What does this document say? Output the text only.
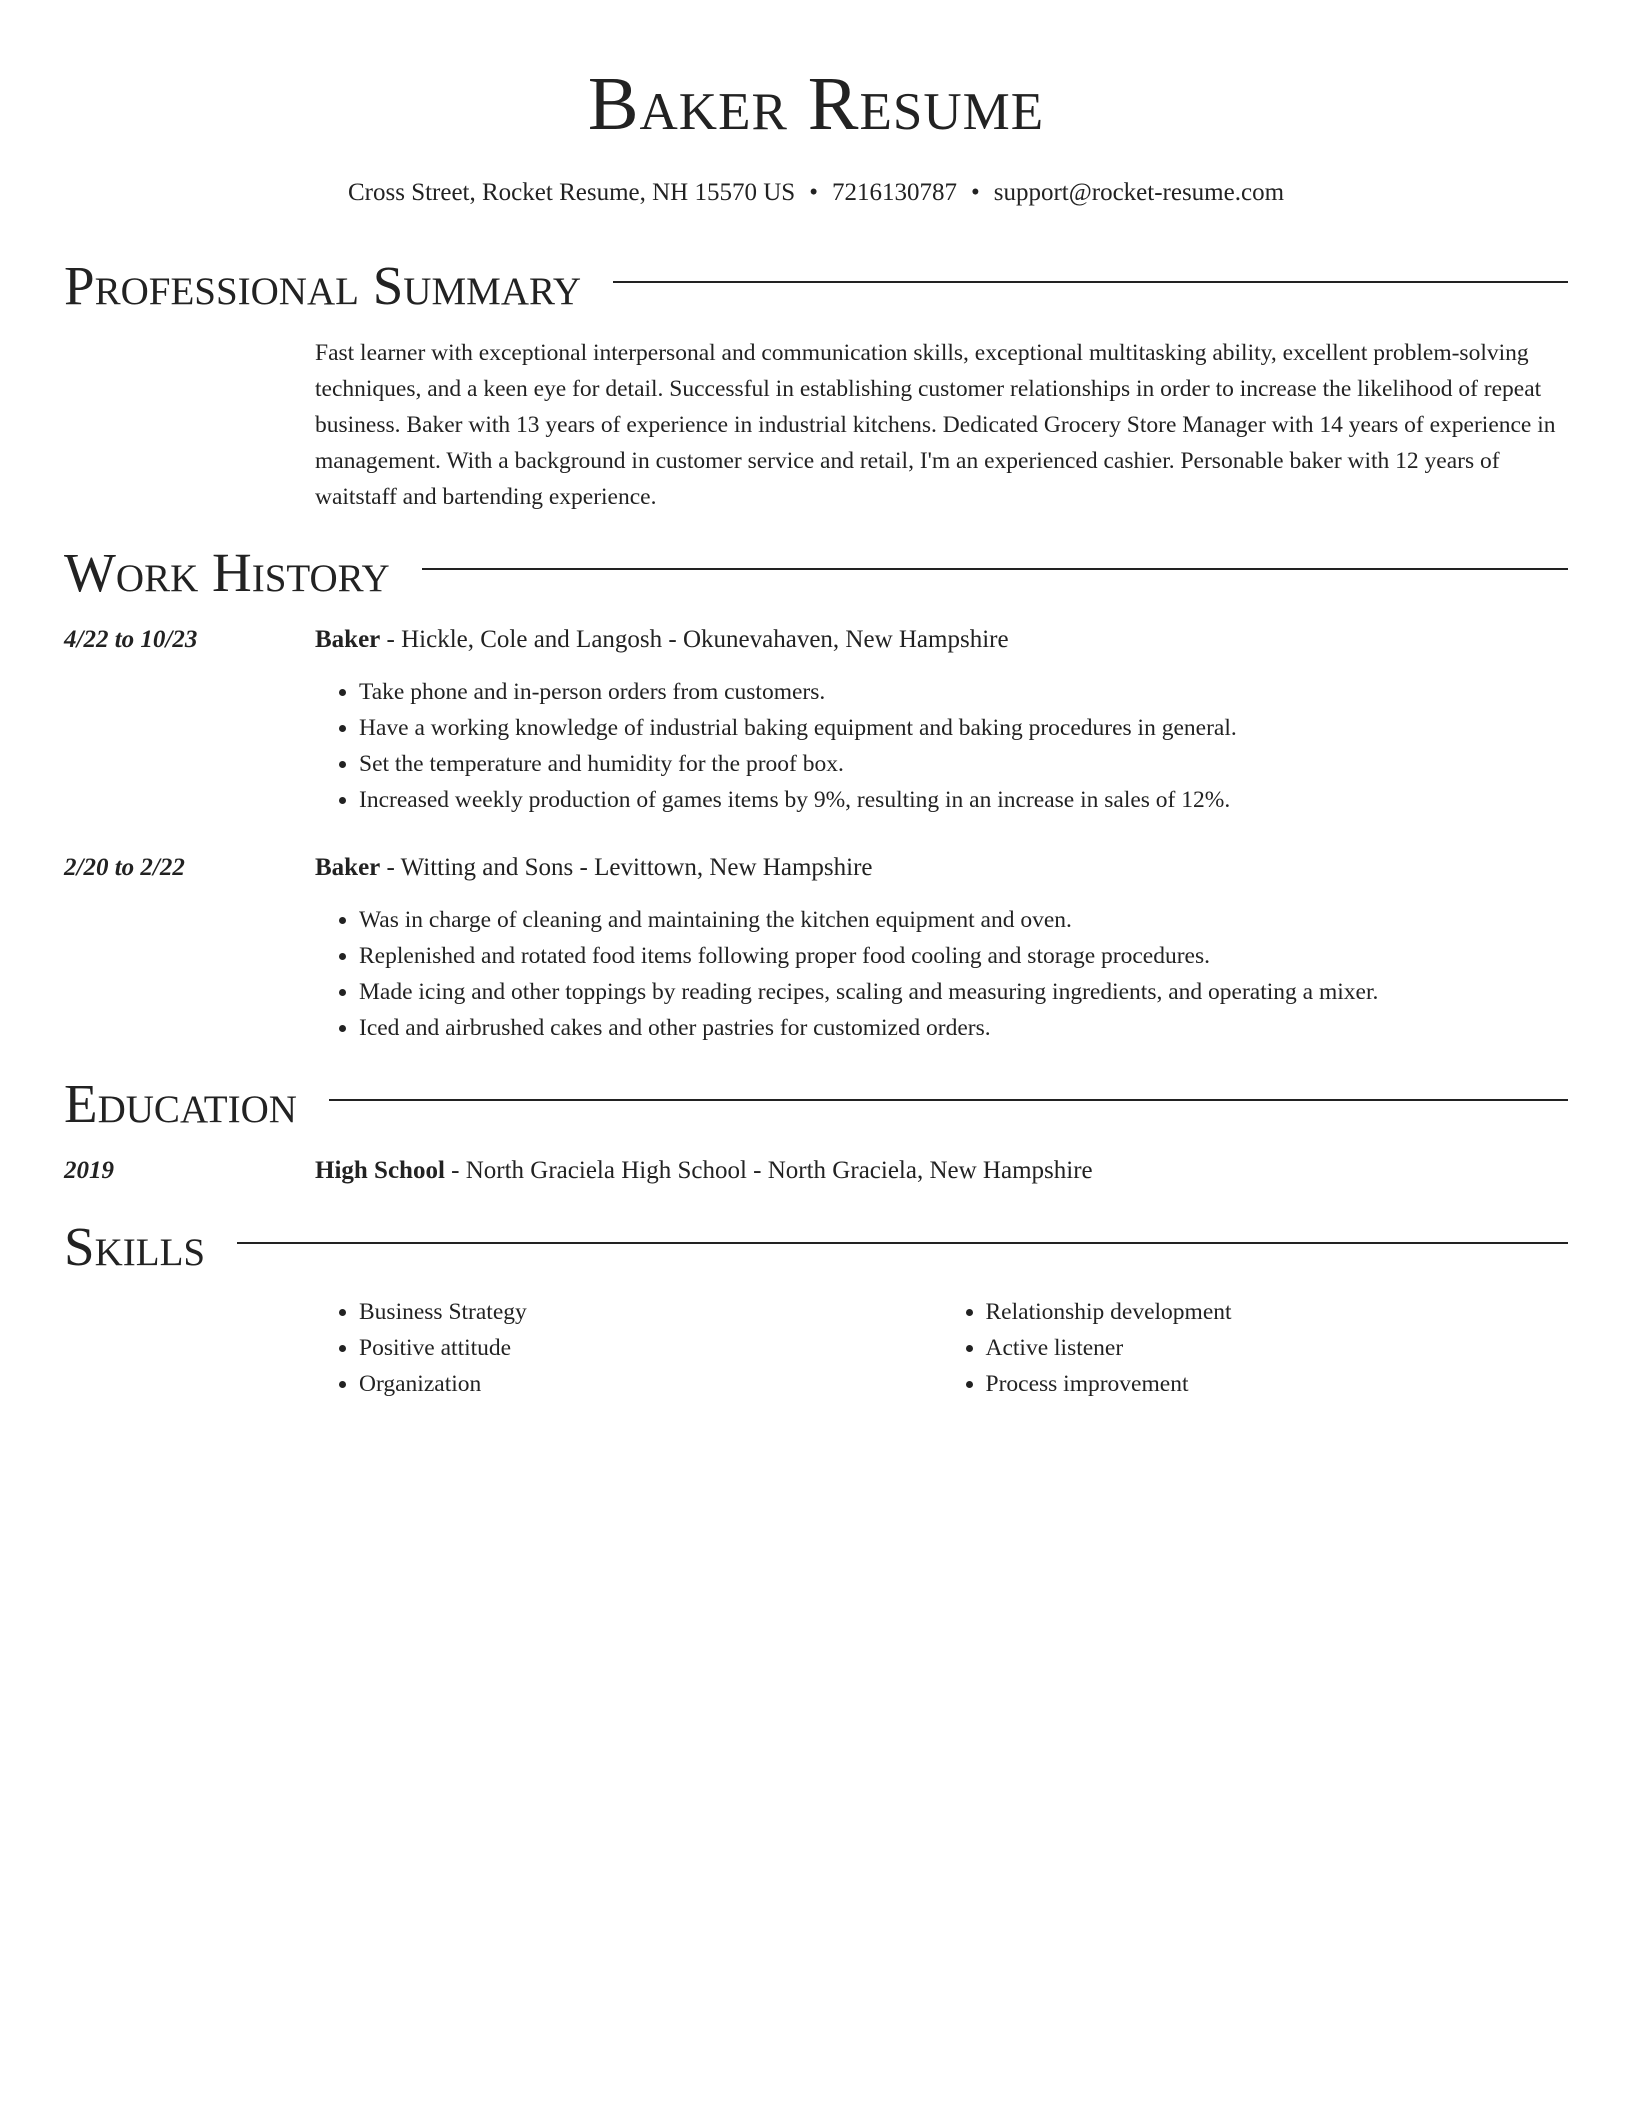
Baker Resume
Cross Street, Rocket Resume, NH 15570 US • 7216130787 • support@rocket-resume.com
Professional Summary

Fast learner with exceptional interpersonal and communication skills, exceptional multitasking ability, excellent problem-solving techniques, and a keen eye for detail. Successful in establishing customer relationships in order to increase the likelihood of repeat business. Baker with 13 years of experience in industrial kitchens. Dedicated Grocery Store Manager with 14 years of experience in management. With a background in customer service and retail, I'm an experienced cashier. Personable baker with 12 years of waitstaff and bartending experience.

Work History
4/22 to 10/23	Baker - Hickle, Cole and Langosh - Okunevahaven, New Hampshire
• Take phone and in-person orders from customers.
• Have a working knowledge of industrial baking equipment and baking procedures in general.
• Set the temperature and humidity for the proof box.
• Increased weekly production of games items by 9%, resulting in an increase in sales of 12%.
2/20 to 2/22	Baker - Witting and Sons - Levittown, New Hampshire
• Was in charge of cleaning and maintaining the kitchen equipment and oven.
• Replenished and rotated food items following proper food cooling and storage procedures.
• Made icing and other toppings by reading recipes, scaling and measuring ingredients, and operating a mixer.
• Iced and airbrushed cakes and other pastries for customized orders.
Education
2019	High School - North Graciela High School - North Graciela, New Hampshire
Skills
• Business Strategy
• Positive attitude
• Organization
• Relationship development
• Active listener
• Process improvement
